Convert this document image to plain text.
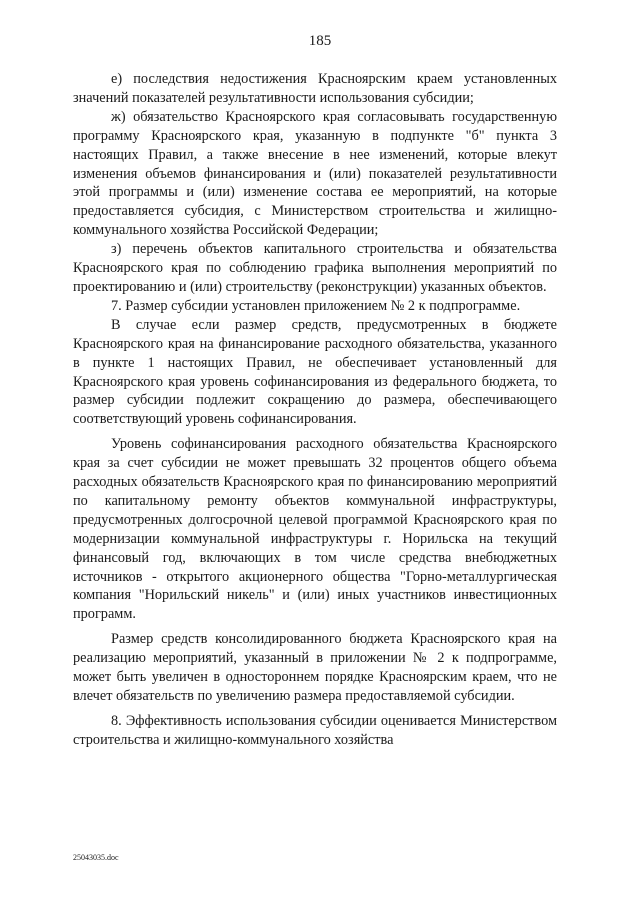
185

е) последствия недостижения Красноярским краем установленных значений показателей результативности использования субсидии;

ж) обязательство Красноярского края согласовывать государственную программу Красноярского края, указанную в подпункте "б" пункта 3 настоящих Правил, а также внесение в нее изменений, которые влекут изменения объемов финансирования и (или) показателей результативности этой программы и (или) изменение состава ее мероприятий, на которые предоставляется субсидия, с Министерством строительства и жилищно-коммунального хозяйства Российской Федерации;

з) перечень объектов капитального строительства и обязательства Красноярского края по соблюдению графика выполнения мероприятий по проектированию и (или) строительству (реконструкции) указанных объектов.

7. Размер субсидии установлен приложением № 2 к подпрограмме.

В случае если размер средств, предусмотренных в бюджете Красноярского края на финансирование расходного обязательства, указанного в пункте 1 настоящих Правил, не обеспечивает установленный для Красноярского края уровень софинансирования из федерального бюджета, то размер субсидии подлежит сокращению до размера, обеспечивающего соответствующий уровень софинансирования.

Уровень софинансирования расходного обязательства Красноярского края за счет субсидии не может превышать 32 процентов общего объема расходных обязательств Красноярского края по финансированию мероприятий по капитальному ремонту объектов коммунальной инфраструктуры, предусмотренных долгосрочной целевой программой Красноярского края по модернизации коммунальной инфраструктуры г. Норильска на текущий финансовый год, включающих в том числе средства внебюджетных источников - открытого акционерного общества "Горно-металлургическая компания "Норильский никель" и (или) иных участников инвестиционных программ.

Размер средств консолидированного бюджета Красноярского края на реализацию мероприятий, указанный в приложении № 2 к подпрограмме, может быть увеличен в одностороннем порядке Красноярским краем, что не влечет обязательств по увеличению размера предоставляемой субсидии.

8. Эффективность использования субсидии оценивается Министерством строительства и жилищно-коммунального хозяйства

25043035.doc
